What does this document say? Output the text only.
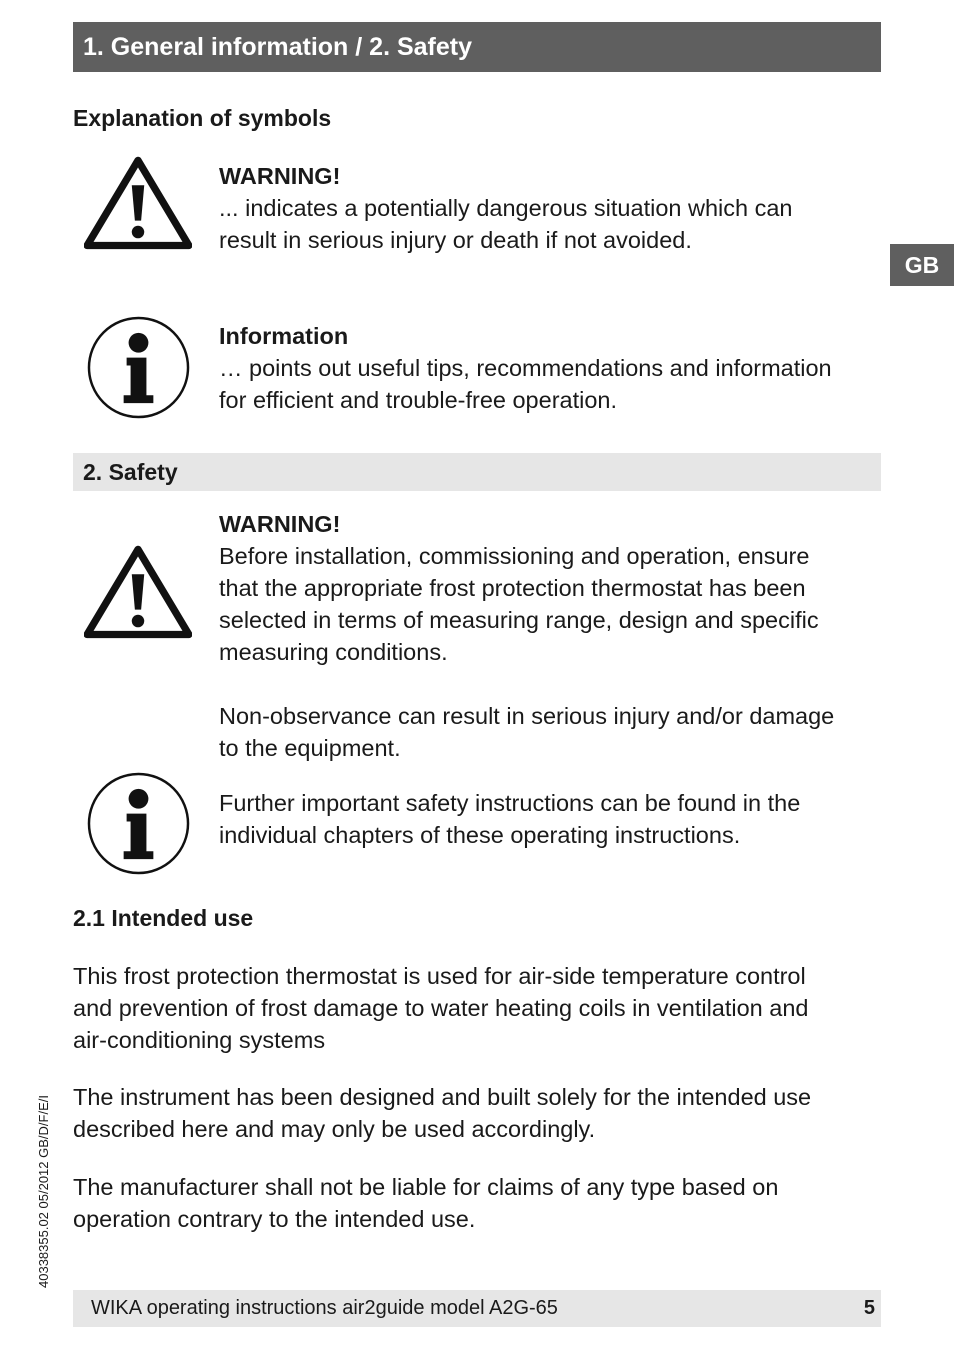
1. General information / 2. Safety
GB
Explanation of symbols
WARNING!
... indicates a potentially dangerous situation which can
result in serious injury or death if not avoided.
Information
… points out useful tips, recommendations and information
for efficient and trouble-free operation.
2. Safety
WARNING!
Before installation, commissioning and operation, ensure
that the appropriate frost protection thermostat has been
selected in terms of measuring range, design and specific
measuring conditions.
Non-observance can result in serious injury and/or damage
to the equipment.
Further important safety instructions can be found in the
individual chapters of these operating instructions.
2.1 Intended use
This frost protection thermostat is used for air-side temperature control
and prevention of frost damage to water heating coils in ventilation and
air-conditioning systems
The instrument has been designed and built solely for the intended use
described here and may only be used accordingly.
The manufacturer shall not be liable for claims of any type based on
operation contrary to the intended use.
40338355.02 05/2012 GB/D/F/E/I
WIKA operating instructions air2guide model A2G-65	5
